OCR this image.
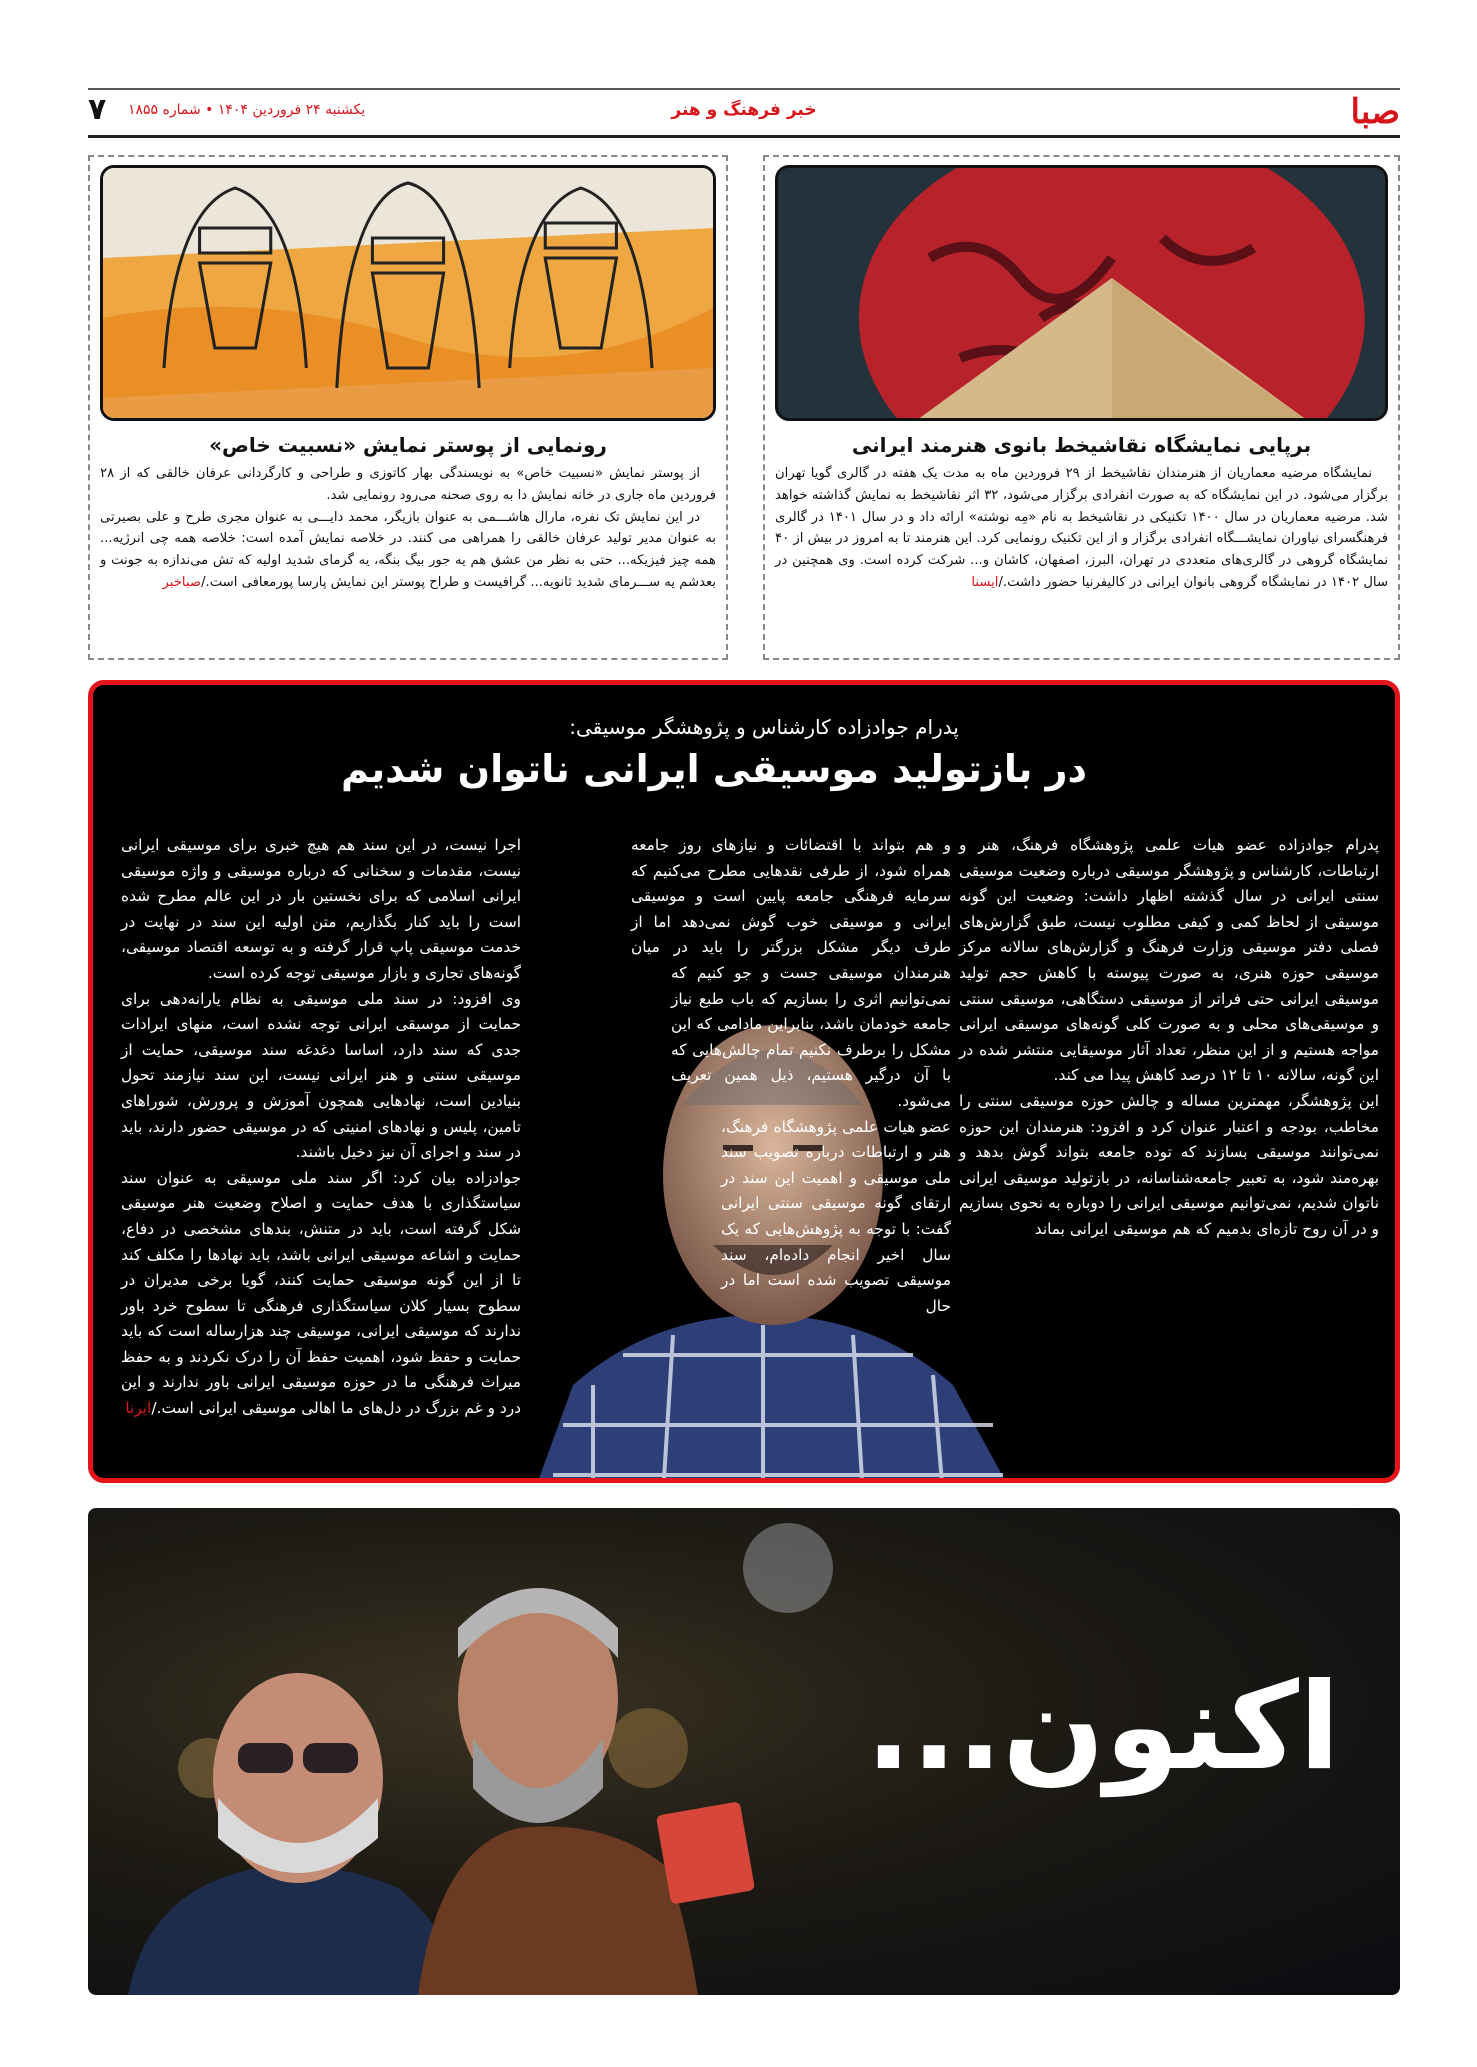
صبا
خبر فرهنگ و هنر
یکشنبه ۲۴ فروردین ۱۴۰۴ • شماره ۱۸۵۵
۷
برپایی نمایشگاه نقاشیخط بانوی هنرمند ایرانی

نمایشگاه مرضیه معماریان از هنرمندان نقاشیخط از ۲۹ فروردین ماه به مدت یک هفته در گالری گویا تهران برگزار می‌شود. در این نمایشگاه که به صورت انفرادی برگزار می‌شود، ۳۲ اثر نقاشیخط به نمایش گذاشته خواهد شد. مرضیه معماریان در سال ۱۴۰۰ تکنیکی در نقاشیخط به نام «مِه نوشته» ارائه داد و در سال ۱۴۰۱ در گالری فرهنگسرای نیاوران نمایشـــگاه انفرادی برگزار و از این تکنیک رونمایی کرد. این هنرمند تا به امروز در بیش از ۴۰ نمایشگاه گروهی در گالری‌های متعددی در تهران، البرز، اصفهان، کاشان و... شرکت کرده است. وی همچنین در سال ۱۴۰۲ در نمایشگاه گروهی بانوان ایرانی در کالیفرنیا حضور داشت./ایسنا

رونمایی از پوستر نمایش «نسبیت خاص»

از پوستر نمایش «نسبیت خاص» به نویسندگی بهار کاتوزی و طراحی و کارگردانی عرفان خالقی که از ۲۸ فروردین ماه جاری در خانه نمایش دا به روی صحنه می‌رود رونمایی شد.

در این نمایش تک نفره، مارال هاشـــمی به عنوان بازیگر، محمد دایـــی به عنوان مجری طرح و علی بصیرتی به عنوان مدیر تولید عرفان خالقی را همراهی می کنند. در خلاصه نمایش آمده است: خلاصه همه چی انرژیه... همه چیز فیزیکه... حتی به نظر من عشق هم یه جور بیگ بنگه، یه گرمای شدید اولیه که تش می‌ندازه به جونت و بعدشم یه ســـرمای شدید ثانویه... گرافیست و طراح پوستر این نمایش پارسا پورمعافی است./صباخبر

پدرام جوادزاده کارشناس و پژوهشگر موسیقی:
در بازتولید موسیقی ایرانی ناتوان شدیم

پدرام جوادزاده عضو هیات علمی پژوهشگاه فرهنگ، هنر و ارتباطات، کارشناس و پژوهشگر موسیقی درباره وضعیت موسیقی سنتی ایرانی در سال گذشته اظهار داشت: وضعیت این گونه موسیقی از لحاظ کمی و کیفی مطلوب نیست، طبق گزارش‌های فصلی دفتر موسیقی وزارت فرهنگ و گزارش‌های سالانه مرکز موسیقی حوزه هنری، به صورت پیوسته با کاهش حجم تولید موسیقی ایرانی حتی فراتر از موسیقی دستگاهی، موسیقی سنتی و موسیقی‌های محلی و به صورت کلی گونه‌های موسیقی ایرانی مواجه هستیم و از این منظر، تعداد آثار موسیقایی منتشر شده در این گونه، سالانه ۱۰ تا ۱۲ درصد کاهش پیدا می کند.

این پژوهشگر، مهمترین مساله و چالش حوزه موسیقی سنتی را مخاطب، بودجه و اعتبار عنوان کرد و افزود: هنرمندان این حوزه نمی‌توانند موسیقی بسازند که توده جامعه بتواند گوش بدهد و بهره‌مند شود، به تعبیر جامعه‌شناسانه، در بازتولید موسیقی ایرانی ناتوان شدیم، نمی‌توانیم موسیقی ایرانی را دوباره به نحوی بسازیم و در آن روح تازه‌ای بدمیم که هم موسیقی ایرانی بماند

و هم بتواند با اقتضائات و نیازهای روز جامعه همراه شود، از طرفی نقدهایی مطرح می‌کنیم که سرمایه فرهنگی جامعه پایین است و موسیقی ایرانی و موسیقی خوب گوش نمی‌دهد اما از طرف دیگر مشکل بزرگتر را باید در میان هنرمندان موسیقی جست و جو کنیم که نمی‌توانیم اثری را بسازیم که باب طبع نیاز جامعه خودمان باشد، بنابراین مادامی که این مشکل را برطرف نکنیم تمام چالش‌هایی که با آن درگیر هستیم، ذیل همین تعریف می‌شود.

عضو هیات علمی پژوهشگاه فرهنگ، هنر و ارتباطات درباره تصویب سند ملی موسیقی و اهمیت این سند در ارتقای گونه موسیقی سنتی ایرانی گفت: با توجه به پژوهش‌هایی که یک سال اخیر انجام داده‌ام، سند موسیقی تصویب شده است اما در حال

اجرا نیست، در این سند هم هیچ خبری برای موسیقی ایرانی نیست، مقدمات و سخنانی که درباره موسیقی و واژه موسیقی ایرانی اسلامی که برای نخستین بار در این عالم مطرح شده است را باید کنار بگذاریم، متن اولیه این سند در نهایت در خدمت موسیقی پاپ قرار گرفته و به توسعه اقتصاد موسیقی، گونه‌های تجاری و بازار موسیقی توجه کرده است.

وی افزود: در سند ملی موسیقی به نظام یارانه‌دهی برای حمایت از موسیقی ایرانی توجه نشده است، منهای ایرادات جدی که سند دارد، اساسا دغدغه سند موسیقی، حمایت از موسیقی سنتی و هنر ایرانی نیست، این سند نیازمند تحول بنیادین است، نهادهایی همچون آموزش و پرورش، شوراهای تامین، پلیس و نهادهای امنیتی که در موسیقی حضور دارند، باید در سند و اجرای آن نیز دخیل باشند.

جوادزاده بیان کرد: اگر سند ملی موسیقی به عنوان سند سیاستگذاری با هدف حمایت و اصلاح وضعیت هنر موسیقی شکل گرفته است، باید در متنش، بندهای مشخصی در دفاع، حمایت و اشاعه موسیقی ایرانی باشد، باید نهادها را مکلف کند تا از این گونه موسیقی حمایت کنند، گویا برخی مدیران در سطوح بسیار کلان سیاستگذاری فرهنگی تا سطوح خرد باور ندارند که موسیقی ایرانی، موسیقی چند هزارساله است که باید حمایت و حفظ شود، اهمیت حفظ آن را درک نکردند و به حفظ میراث فرهنگی ما در حوزه موسیقی ایرانی باور ندارند و این درد و غم بزرگ در دل‌های ما اهالی موسیقی ایرانی است./ایرنا

اکنون...
